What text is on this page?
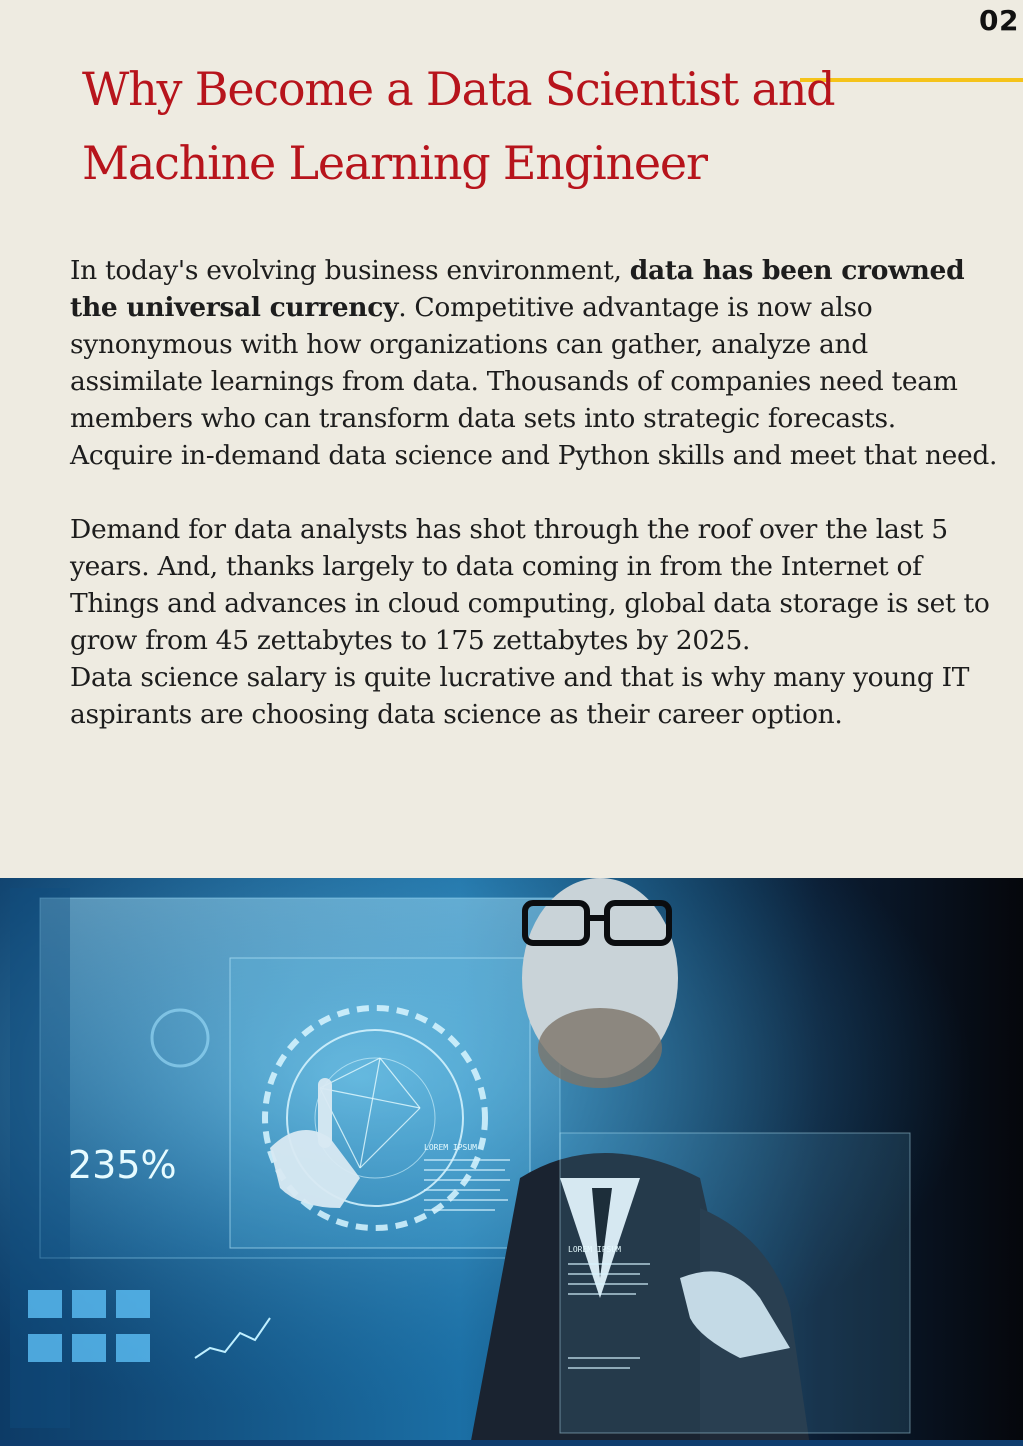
02
Why Become a Data Scientist and
Machine Learning Engineer

In today's evolving business environment, data has been crowned the universal currency. Competitive advantage is now also synonymous with how organizations can gather, analyze and assimilate learnings from data. Thousands of companies need team members who can transform data sets into strategic forecasts. Acquire in-demand data science and Python skills and meet that need.

Demand for data analysts has shot through the roof over the last 5 years. And, thanks largely to data coming in from the Internet of Things and advances in cloud computing, global data storage is set to grow from 45 zettabytes to 175 zettabytes by 2025.

Data science salary is quite lucrative and that is why many young IT aspirants are choosing data science as their career option.

235%	LOREM IPSUM
LOREM IPSUM
